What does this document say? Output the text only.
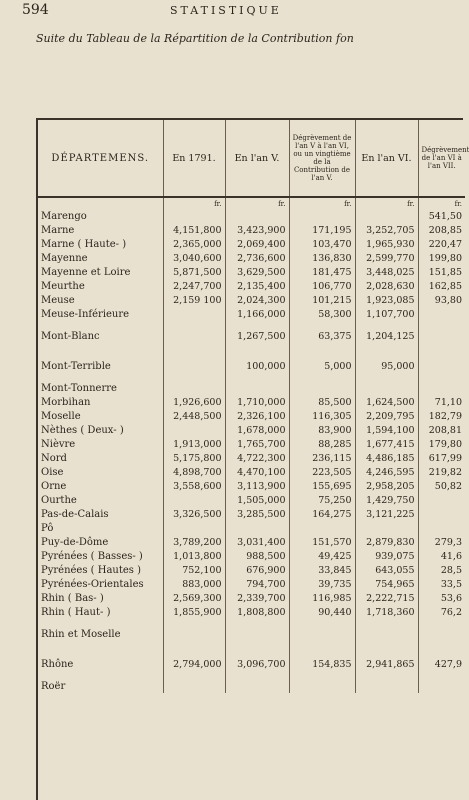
594	STATISTIQUE
Suite du Tableau de la Répartition de la Contribution fon
DÉPARTEMENS.	En 1791.	En l'an V.	Dégrèvement de l'an V à l'an VI, ou un vingtième de la Contribution de l'an V.	En l'an VI.	Dégrèvement de l'an VI à l'an VII.
	fr.	fr.	fr.	fr.	fr.
Marengo					541,50
Marne	4,151,800	3,423,900	171,195	3,252,705	208,85
Marne ( Haute- )	2,365,000	2,069,400	103,470	1,965,930	220,47
Mayenne	3,040,600	2,736,600	136,830	2,599,770	199,80
Mayenne et Loire	5,871,500	3,629,500	181,475	3,448,025	151,85
Meurthe	2,247,700	2,135,400	106,770	2,028,630	162,85
Meuse	2,159 100	2,024,300	101,215	1,923,085	93,80
Meuse-Inférieure		1,166,000	58,300	1,107,700	
Mont-Blanc		1,267,500	63,375	1,204,125	
Mont-Terrible		100,000	5,000	95,000	
Mont-Tonnerre					
Morbihan	1,926,600	1,710,000	85,500	1,624,500	71,10
Moselle	2,448,500	2,326,100	116,305	2,209,795	182,79
Nèthes ( Deux- )		1,678,000	83,900	1,594,100	208,81
Nièvre	1,913,000	1,765,700	88,285	1,677,415	179,80
Nord	5,175,800	4,722,300	236,115	4,486,185	617,99
Oise	4,898,700	4,470,100	223,505	4,246,595	219,82
Orne	3,558,600	3,113,900	155,695	2,958,205	50,82
Ourthe		1,505,000	75,250	1,429,750	
Pas-de-Calais	3,326,500	3,285,500	164,275	3,121,225	
Pô					
Puy-de-Dôme	3,789,200	3,031,400	151,570	2,879,830	279,3
Pyrénées ( Basses- )	1,013,800	988,500	49,425	939,075	41,6
Pyrénées ( Hautes )	752,100	676,900	33,845	643,055	28,5
Pyrénées-Orientales	883,000	794,700	39,735	754,965	33,5
Rhin ( Bas- )	2,569,300	2,339,700	116,985	2,222,715	53,6
Rhin ( Haut- )	1,855,900	1,808,800	90,440	1,718,360	76,2
Rhin et Moselle					
Rhône	2,794,000	3,096,700	154,835	2,941,865	427,9
Roër					
